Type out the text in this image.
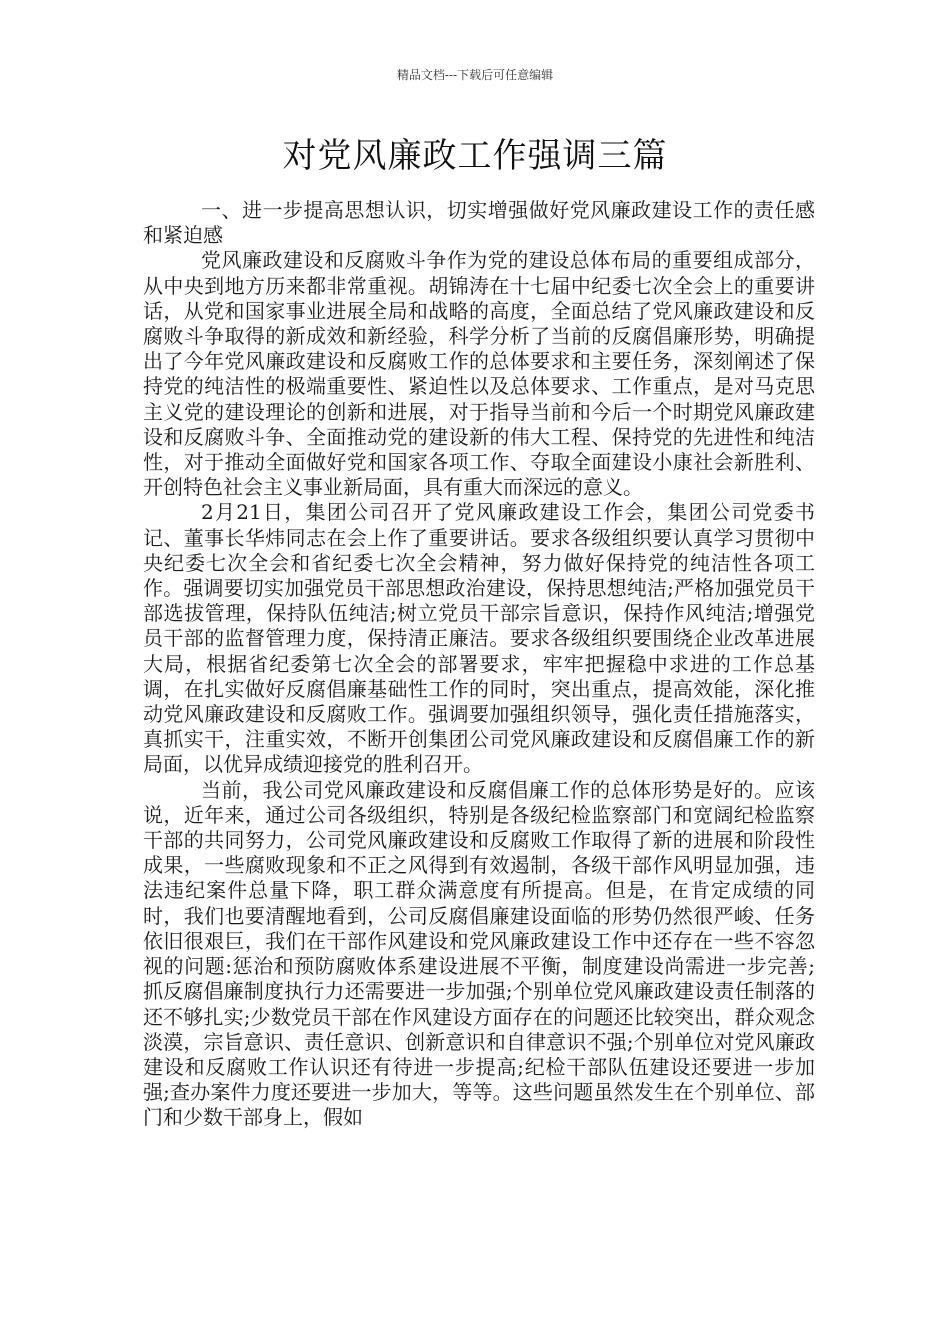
精品文档---下载后可任意编辑
对党风廉政工作强调三篇

一、进一步提高思想认识，切实增强做好党风廉政建设工作的责任感和紧迫感

党风廉政建设和反腐败斗争作为党的建设总体布局的重要组成部分，从中央到地方历来都非常重视。胡锦涛在十七届中纪委七次全会上的重要讲话，从党和国家事业进展全局和战略的高度，全面总结了党风廉政建设和反腐败斗争取得的新成效和新经验，科学分析了当前的反腐倡廉形势，明确提出了今年党风廉政建设和反腐败工作的总体要求和主要任务，深刻阐述了保持党的纯洁性的极端重要性、紧迫性以及总体要求、工作重点，是对马克思主义党的建设理论的创新和进展，对于指导当前和今后一个时期党风廉政建设和反腐败斗争、全面推动党的建设新的伟大工程、保持党的先进性和纯洁性，对于推动全面做好党和国家各项工作、夺取全面建设小康社会新胜利、开创特色社会主义事业新局面，具有重大而深远的意义。

2月21日，集团公司召开了党风廉政建设工作会，集团公司党委书记、董事长华炜同志在会上作了重要讲话。要求各级组织要认真学习贯彻中央纪委七次全会和省纪委七次全会精神，努力做好保持党的纯洁性各项工作。强调要切实加强党员干部思想政治建设，保持思想纯洁;严格加强党员干部选拔管理，保持队伍纯洁;树立党员干部宗旨意识，保持作风纯洁;增强党员干部的监督管理力度，保持清正廉洁。要求各级组织要围绕企业改革进展大局，根据省纪委第七次全会的部署要求，牢牢把握稳中求进的工作总基调，在扎实做好反腐倡廉基础性工作的同时，突出重点，提高效能，深化推动党风廉政建设和反腐败工作。强调要加强组织领导，强化责任措施落实，真抓实干，注重实效，不断开创集团公司党风廉政建设和反腐倡廉工作的新局面，以优异成绩迎接党的胜利召开。

当前，我公司党风廉政建设和反腐倡廉工作的总体形势是好的。应该说，近年来，通过公司各级组织，特别是各级纪检监察部门和宽阔纪检监察干部的共同努力，公司党风廉政建设和反腐败工作取得了新的进展和阶段性成果，一些腐败现象和不正之风得到有效遏制，各级干部作风明显加强，违法违纪案件总量下降，职工群众满意度有所提高。但是，在肯定成绩的同时，我们也要清醒地看到，公司反腐倡廉建设面临的形势仍然很严峻、任务依旧很艰巨，我们在干部作风建设和党风廉政建设工作中还存在一些不容忽视的问题:惩治和预防腐败体系建设进展不平衡，制度建设尚需进一步完善;抓反腐倡廉制度执行力还需要进一步加强;个别单位党风廉政建设责任制落的还不够扎实;少数党员干部在作风建设方面存在的问题还比较突出，群众观念淡漠，宗旨意识、责任意识、创新意识和自律意识不强;个别单位对党风廉政建设和反腐败工作认识还有待进一步提高;纪检干部队伍建设还要进一步加强;查办案件力度还要进一步加大，等等。这些问题虽然发生在个别单位、部门和少数干部身上，假如
